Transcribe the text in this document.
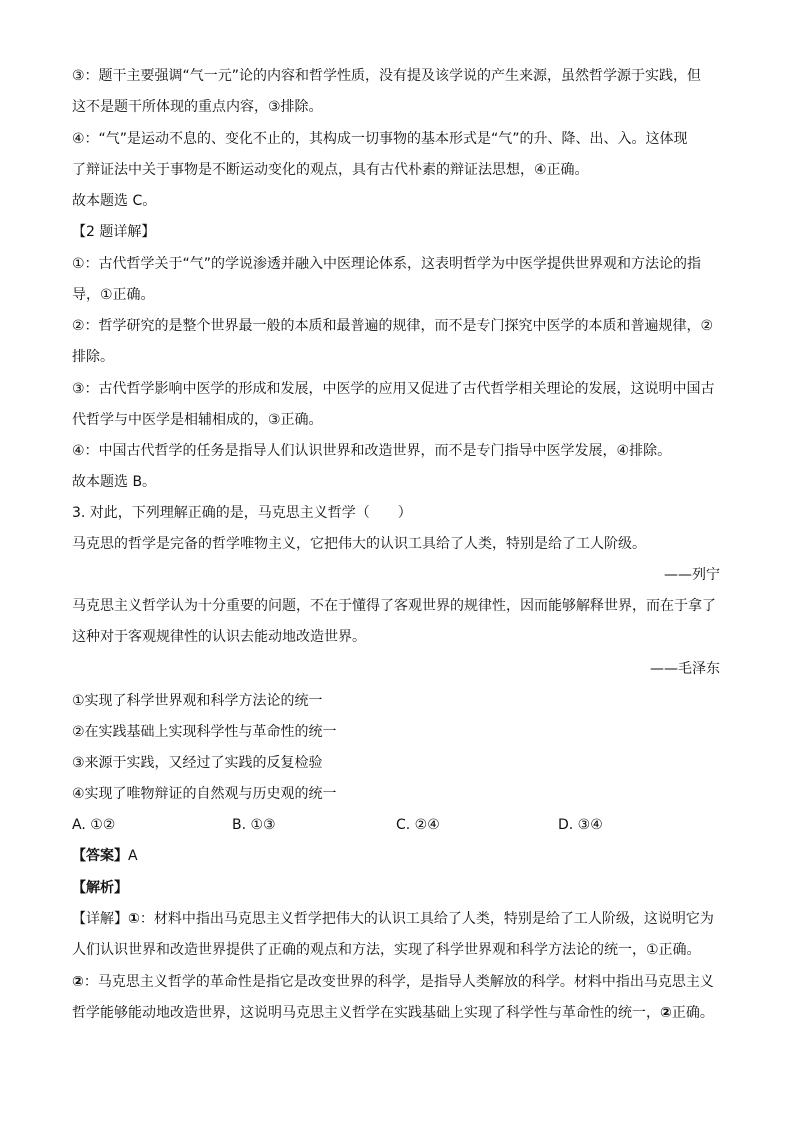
③：题干主要强调“气一元”论的内容和哲学性质，没有提及该学说的产生来源，虽然哲学源于实践，但
这不是题干所体现的重点内容，③排除。
④：“气”是运动不息的、变化不止的，其构成一切事物的基本形式是“气”的升、降、出、入。这体现
了辩证法中关于事物是不断运动变化的观点，具有古代朴素的辩证法思想，④正确。
故本题选 C。
【2 题详解】
①：古代哲学关于“气”的学说渗透并融入中医理论体系，这表明哲学为中医学提供世界观和方法论的指
导，①正确。
②：哲学研究的是整个世界最一般的本质和最普遍的规律，而不是专门探究中医学的本质和普遍规律，②
排除。
③：古代哲学影响中医学的形成和发展，中医学的应用又促进了古代哲学相关理论的发展，这说明中国古
代哲学与中医学是相辅相成的，③正确。
④：中国古代哲学的任务是指导人们认识世界和改造世界，而不是专门指导中医学发展，④排除。
故本题选 B。
3. 对此，下列理解正确的是，马克思主义哲学（　　）
马克思的哲学是完备的哲学唯物主义，它把伟大的认识工具给了人类，特别是给了工人阶级。
——列宁
马克思主义哲学认为十分重要的问题，不在于懂得了客观世界的规律性，因而能够解释世界，而在于拿了
这种对于客观规律性的认识去能动地改造世界。
——毛泽东
①实现了科学世界观和科学方法论的统一
②在实践基础上实现科学性与革命性的统一
③来源于实践，又经过了实践的反复检验
④实现了唯物辩证的自然观与历史观的统一
A. ①②	B. ①③	C. ②④	D. ③④
【答案】A
【解析】
【详解】①：材料中指出马克思主义哲学把伟大的认识工具给了人类，特别是给了工人阶级，这说明它为
人们认识世界和改造世界提供了正确的观点和方法，实现了科学世界观和科学方法论的统一，①正确。
②：马克思主义哲学的革命性是指它是改变世界的科学，是指导人类解放的科学。材料中指出马克思主义
哲学能够能动地改造世界，这说明马克思主义哲学在实践基础上实现了科学性与革命性的统一，②正确。
